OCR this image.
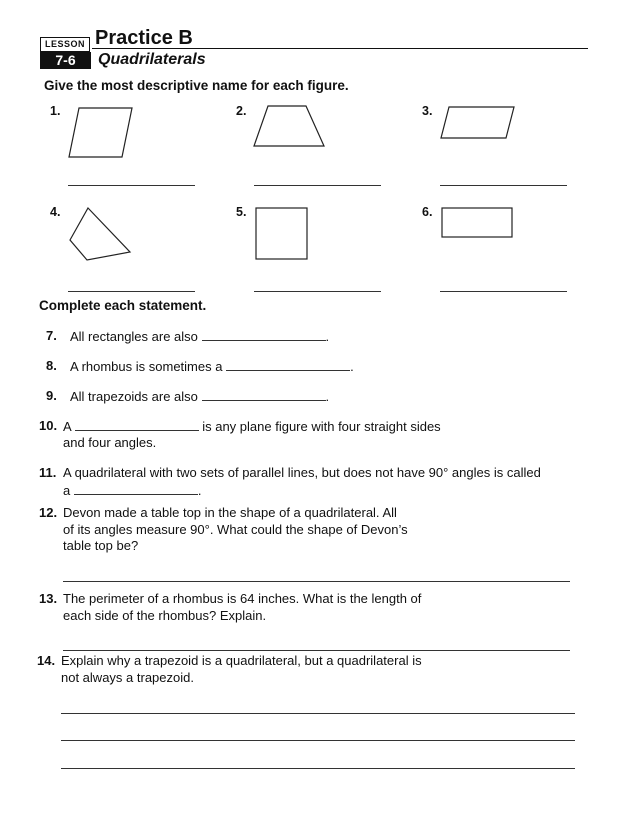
LESSON
7-6
Practice B
Quadrilaterals
Give the most descriptive name for each figure.
1.	2.	3.
4.	5.	6.
Complete each statement.
7. All rectangles are also	.
8. A rhombus is sometimes a	.
9. All trapezoids are also	.
10. A	is any plane figure with four straight sides
and four angles.
11. A quadrilateral with two sets of parallel lines, but does not have 90° angles is called
a	.
12. Devon made a table top in the shape of a quadrilateral. All
of its angles measure 90°. What could the shape of Devon’s
table top be?
13. The perimeter of a rhombus is 64 inches. What is the length of
each side of the rhombus? Explain.
14. Explain why a trapezoid is a quadrilateral, but a quadrilateral is
not always a trapezoid.
